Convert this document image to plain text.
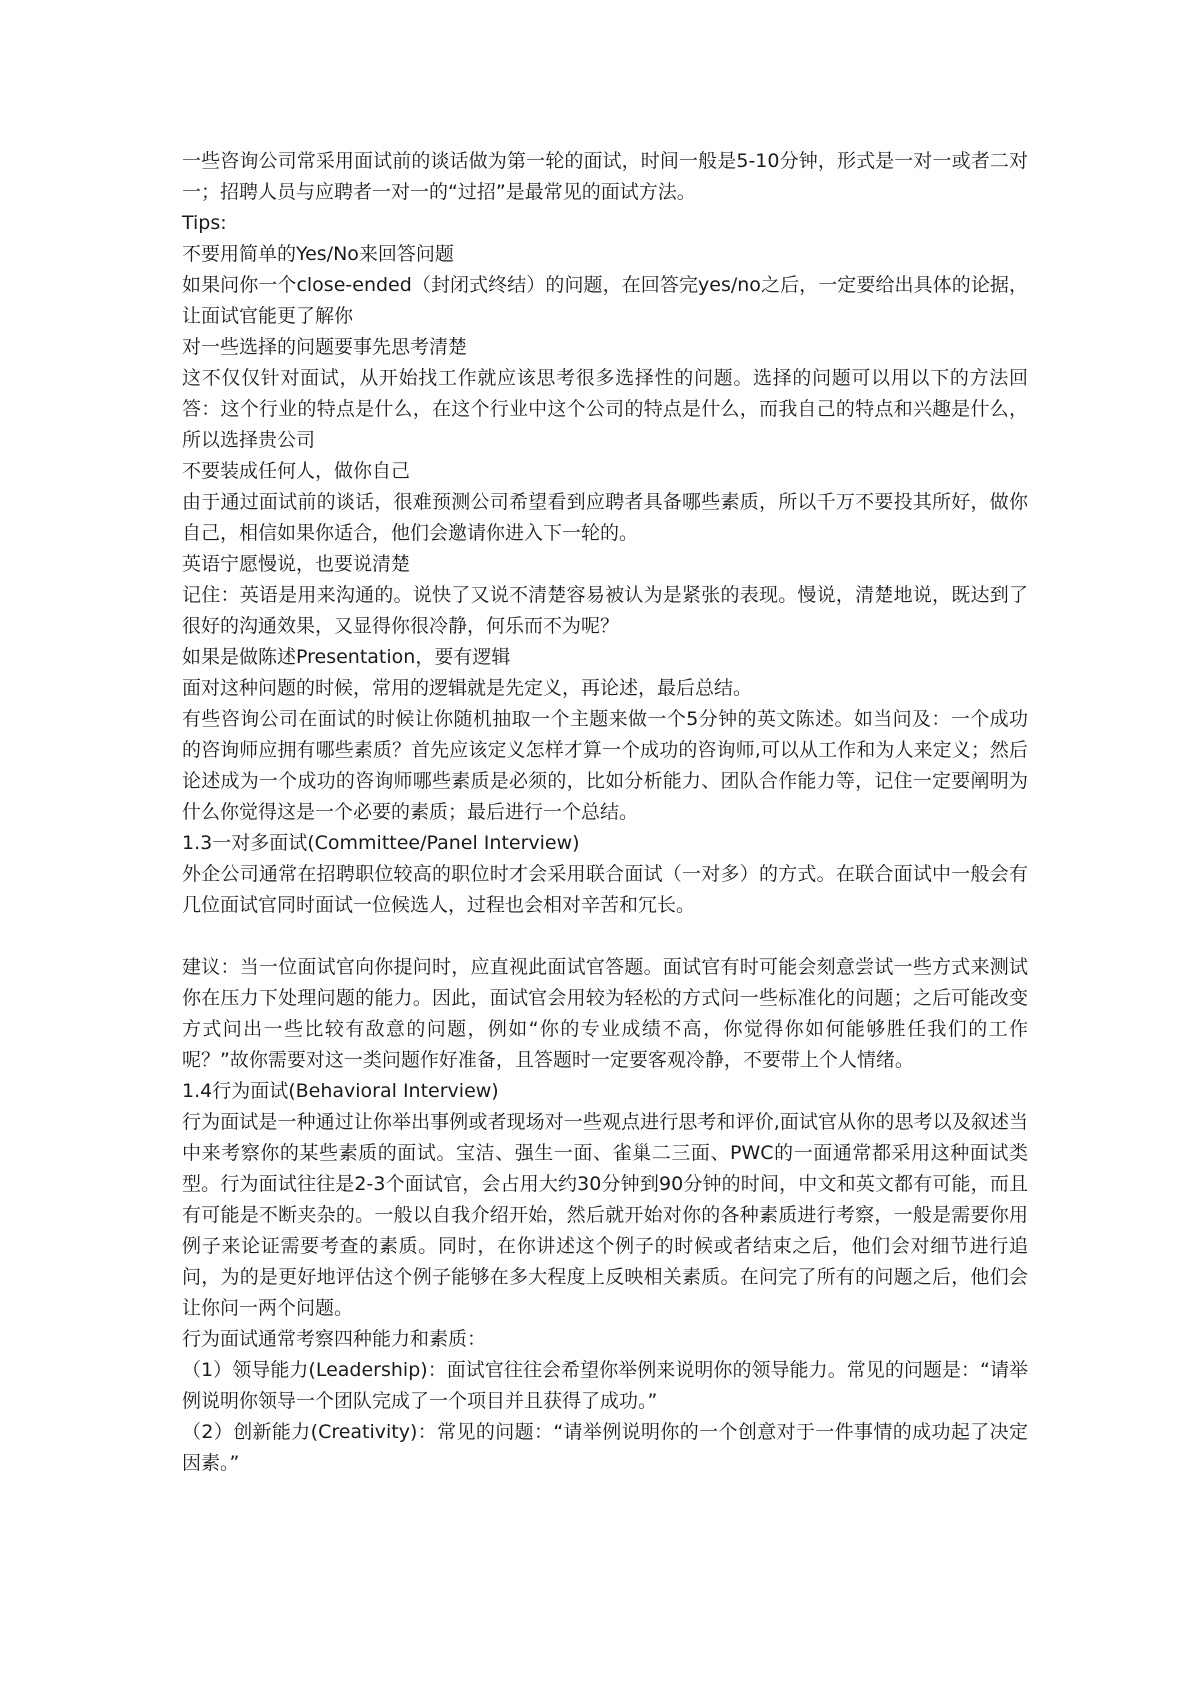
一些咨询公司常采用面试前的谈话做为第一轮的面试，时间一般是5-10分钟，形式是一对一或者二对一；招聘人员与应聘者一对一的“过招”是最常见的面试方法。

Tips:

不要用简单的Yes/No来回答问题

如果问你一个close-ended（封闭式终结）的问题，在回答完yes/no之后，一定要给出具体的论据，让面试官能更了解你

对一些选择的问题要事先思考清楚

这不仅仅针对面试，从开始找工作就应该思考很多选择性的问题。选择的问题可以用以下的方法回答：这个行业的特点是什么，在这个行业中这个公司的特点是什么，而我自己的特点和兴趣是什么，所以选择贵公司

不要装成任何人，做你自己

由于通过面试前的谈话，很难预测公司希望看到应聘者具备哪些素质，所以千万不要投其所好，做你自己，相信如果你适合，他们会邀请你进入下一轮的。

英语宁愿慢说，也要说清楚

记住：英语是用来沟通的。说快了又说不清楚容易被认为是紧张的表现。慢说，清楚地说，既达到了很好的沟通效果，又显得你很冷静，何乐而不为呢？

如果是做陈述Presentation，要有逻辑

面对这种问题的时候，常用的逻辑就是先定义，再论述，最后总结。

有些咨询公司在面试的时候让你随机抽取一个主题来做一个5分钟的英文陈述。如当问及：一个成功的咨询师应拥有哪些素质？首先应该定义怎样才算一个成功的咨询师,可以从工作和为人来定义；然后论述成为一个成功的咨询师哪些素质是必须的，比如分析能力、团队合作能力等，记住一定要阐明为什么你觉得这是一个必要的素质；最后进行一个总结。

1.3一对多面试(Committee/Panel Interview)

外企公司通常在招聘职位较高的职位时才会采用联合面试（一对多）的方式。在联合面试中一般会有几位面试官同时面试一位候选人，过程也会相对辛苦和冗长。

建议：当一位面试官向你提问时，应直视此面试官答题。面试官有时可能会刻意尝试一些方式来测试你在压力下处理问题的能力。因此，面试官会用较为轻松的方式问一些标准化的问题；之后可能改变方式问出一些比较有敌意的问题，例如“你的专业成绩不高，你觉得你如何能够胜任我们的工作呢？”故你需要对这一类问题作好准备，且答题时一定要客观冷静，不要带上个人情绪。

1.4行为面试(Behavioral Interview)

行为面试是一种通过让你举出事例或者现场对一些观点进行思考和评价,面试官从你的思考以及叙述当中来考察你的某些素质的面试。宝洁、强生一面、雀巢二三面、PWC的一面通常都采用这种面试类型。行为面试往往是2-3个面试官，会占用大约30分钟到90分钟的时间，中文和英文都有可能，而且有可能是不断夹杂的。一般以自我介绍开始，然后就开始对你的各种素质进行考察，一般是需要你用例子来论证需要考查的素质。同时，在你讲述这个例子的时候或者结束之后，他们会对细节进行追问，为的是更好地评估这个例子能够在多大程度上反映相关素质。在问完了所有的问题之后，他们会让你问一两个问题。

行为面试通常考察四种能力和素质：

（1）领导能力(Leadership)：面试官往往会希望你举例来说明你的领导能力。常见的问题是：“请举例说明你领导一个团队完成了一个项目并且获得了成功。”

（2）创新能力(Creativity)：常见的问题：“请举例说明你的一个创意对于一件事情的成功起了决定因素。”
